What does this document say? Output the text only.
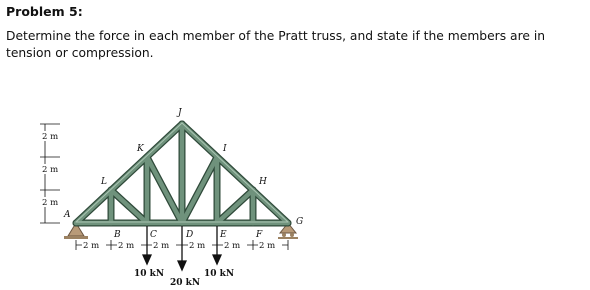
Problem 5:
Determine the force in each member of the Pratt truss, and state if the members are in tension or compression.
J
K	I
L	H
A
B	C	D	E	F
G
2 m
2 m
2 m
2 m 2 m 2 m 2 m 2 m 2 m
10 kN
20 kN
10 kN
